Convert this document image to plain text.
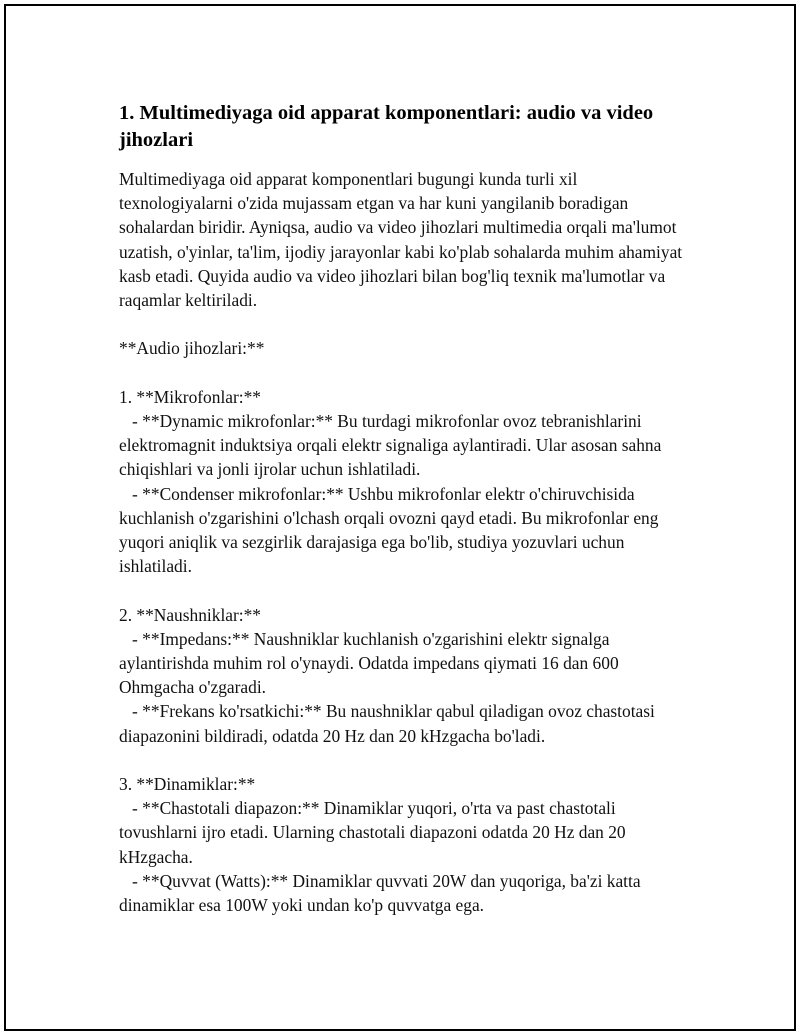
1. Multimediyaga oid apparat komponentlari: audio va video jihozlari

Multimediyaga oid apparat komponentlari bugungi kunda turli xil texnologiyalarni o'zida mujassam etgan va har kuni yangilanib boradigan sohalardan biridir. Ayniqsa, audio va video jihozlari multimedia orqali ma'lumot uzatish, o'yinlar, ta'lim, ijodiy jarayonlar kabi ko'plab sohalarda muhim ahamiyat kasb etadi. Quyida audio va video jihozlari bilan bog'liq texnik ma'lumotlar va raqamlar keltiriladi.

**Audio jihozlari:**

1. **Mikrofonlar:**
- **Dynamic mikrofonlar:** Bu turdagi mikrofonlar ovoz tebranishlarini elektromagnit induktsiya orqali elektr signaliga aylantiradi. Ular asosan sahna chiqishlari va jonli ijrolar uchun ishlatiladi.
- **Condenser mikrofonlar:** Ushbu mikrofonlar elektr o'chiruvchisida kuchlanish o'zgarishini o'lchash orqali ovozni qayd etadi. Bu mikrofonlar eng yuqori aniqlik va sezgirlik darajasiga ega bo'lib, studiya yozuvlari uchun ishlatiladi.

2. **Naushniklar:**
- **Impedans:** Naushniklar kuchlanish o'zgarishini elektr signalga aylantirishda muhim rol o'ynaydi. Odatda impedans qiymati 16 dan 600 Ohmgacha o'zgaradi.
- **Frekans ko'rsatkichi:** Bu naushniklar qabul qiladigan ovoz chastotasi diapazonini bildiradi, odatda 20 Hz dan 20 kHzgacha bo'ladi.

3. **Dinamiklar:**
- **Chastotali diapazon:** Dinamiklar yuqori, o'rta va past chastotali tovushlarni ijro etadi. Ularning chastotali diapazoni odatda 20 Hz dan 20 kHzgacha.
- **Quvvat (Watts):** Dinamiklar quvvati 20W dan yuqoriga, ba'zi katta dinamiklar esa 100W yoki undan ko'p quvvatga ega.
